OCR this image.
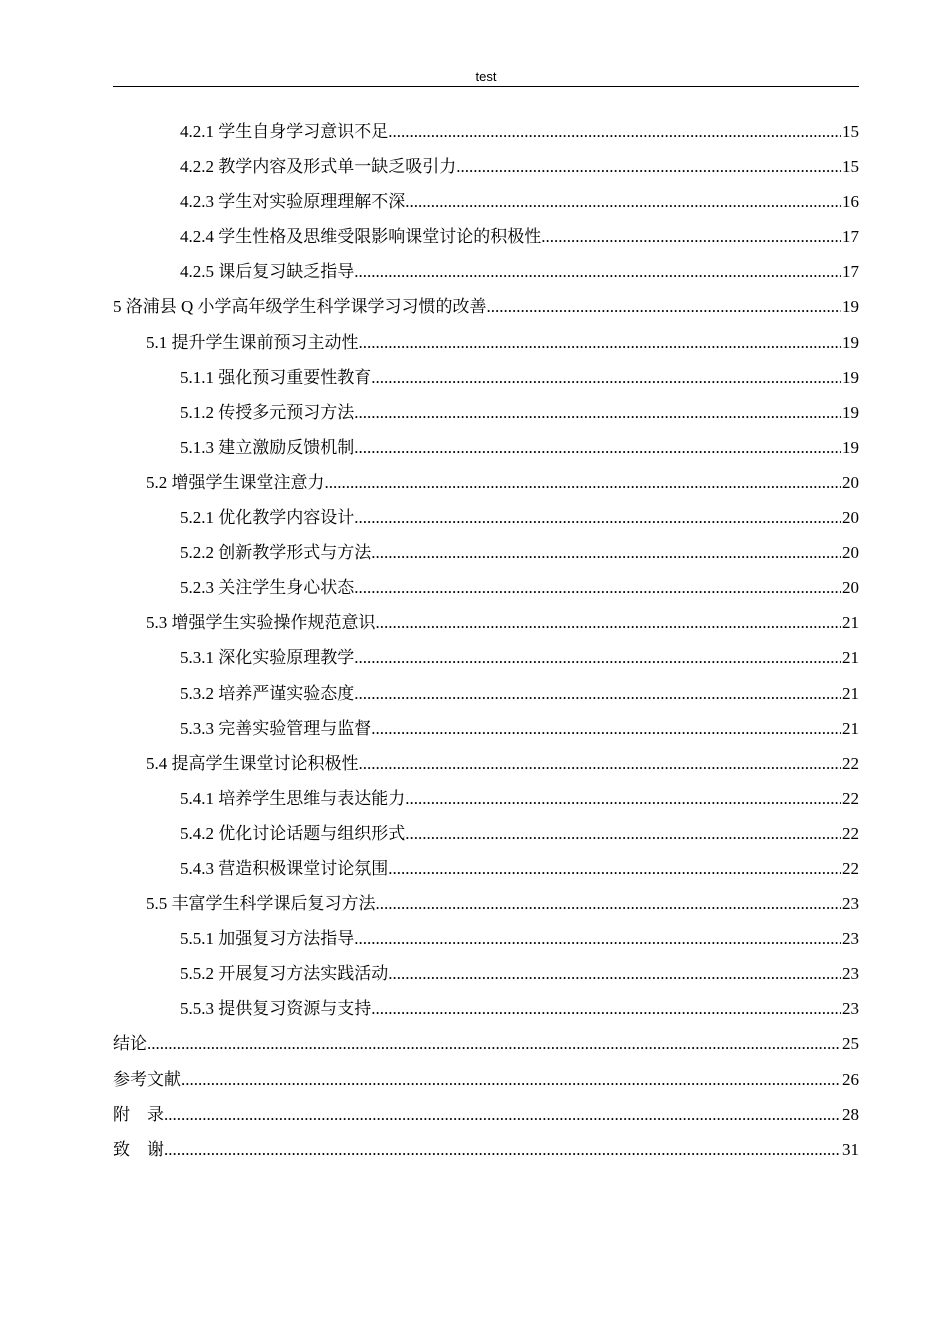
test
4.2.1 学生自身学习意识不足 .....	15
4.2.2 教学内容及形式单一缺乏吸引力 .....	15
4.2.3 学生对实验原理理解不深 .....	16
4.2.4 学生性格及思维受限影响课堂讨论的积极性 .....	17
4.2.5 课后复习缺乏指导 .....	17
5 洛浦县 Q 小学高年级学生科学课学习习惯的改善 .....	19
5.1 提升学生课前预习主动性 .....	19
5.1.1 强化预习重要性教育 .....	19
5.1.2 传授多元预习方法 .....	19
5.1.3 建立激励反馈机制 .....	19
5.2 增强学生课堂注意力 .....	20
5.2.1 优化教学内容设计 .....	20
5.2.2 创新教学形式与方法 .....	20
5.2.3 关注学生身心状态 .....	20
5.3 增强学生实验操作规范意识 .....	21
5.3.1 深化实验原理教学 .....	21
5.3.2 培养严谨实验态度 .....	21
5.3.3 完善实验管理与监督 .....	21
5.4 提高学生课堂讨论积极性 .....	22
5.4.1 培养学生思维与表达能力 .....	22
5.4.2 优化讨论话题与组织形式 .....	22
5.4.3 营造积极课堂讨论氛围 .....	22
5.5 丰富学生科学课后复习方法 .....	23
5.5.1 加强复习方法指导 .....	23
5.5.2 开展复习方法实践活动 .....	23
5.5.3 提供复习资源与支持 .....	23
结论 .....	25
参考文献 .....	26
附　录 .....	28
致　谢 .....	31
